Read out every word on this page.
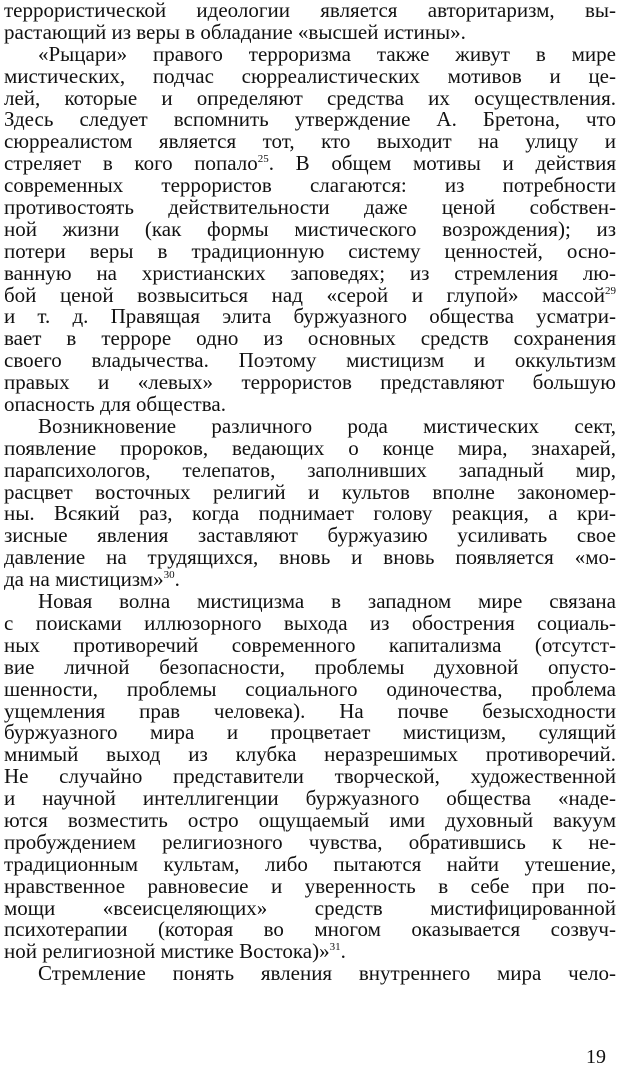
террористической идеологии является авторитаризм, вы-
растающий из веры в обладание «высшей истины».
«Рыцари» правого терроризма также живут в мире
мистических, подчас сюрреалистических мотивов и це-
лей, которые и определяют средства их осуществления.
Здесь следует вспомнить утверждение А. Бретона, что
сюрреалистом является тот, кто выходит на улицу и
стреляет в кого попало$^{25}$. В общем мотивы и действия
современных террористов слагаются: из потребности
противостоять действительности даже ценой собствен-
ной жизни (как формы мистического возрождения); из
потери веры в традиционную систему ценностей, осно-
ванную на христианских заповедях; из стремления лю-
бой ценой возвыситься над «серой и глупой» массой$^{29}$
и т. д. Правящая элита буржуазного общества усматри-
вает в терроре одно из основных средств сохранения
своего владычества. Поэтому мистицизм и оккультизм
правых и «левых» террористов представляют большую
опасность для общества.
Возникновение различного рода мистических сект,
появление пророков, ведающих о конце мира, знахарей,
парапсихологов, телепатов, заполнивших западный мир,
расцвет восточных религий и культов вполне закономер-
ны. Всякий раз, когда поднимает голову реакция, а кри-
зисные явления заставляют буржуазию усиливать свое
давление на трудящихся, вновь и вновь появляется «мо-
да на мистицизм»$^{30}$.
Новая волна мистицизма в западном мире связана
с поисками иллюзорного выхода из обострения социаль-
ных противоречий современного капитализма (отсутст-
вие личной безопасности, проблемы духовной опусто-
шенности, проблемы социального одиночества, проблема
ущемления прав человека). На почве безысходности
буржуазного мира и процветает мистицизм, сулящий
мнимый выход из клубка неразрешимых противоречий.
Не случайно представители творческой, художественной
и научной интеллигенции буржуазного общества «наде-
ются возместить остро ощущаемый ими духовный вакуум
пробуждением религиозного чувства, обратившись к не-
традиционным культам, либо пытаются найти утешение,
нравственное равновесие и уверенность в себе при по-
мощи «всеисцеляющих» средств мистифицированной
психотерапии (которая во многом оказывается созвуч-
ной религиозной мистике Востока)»$^{31}$.
Стремление понять явления внутреннего мира чело-
19
